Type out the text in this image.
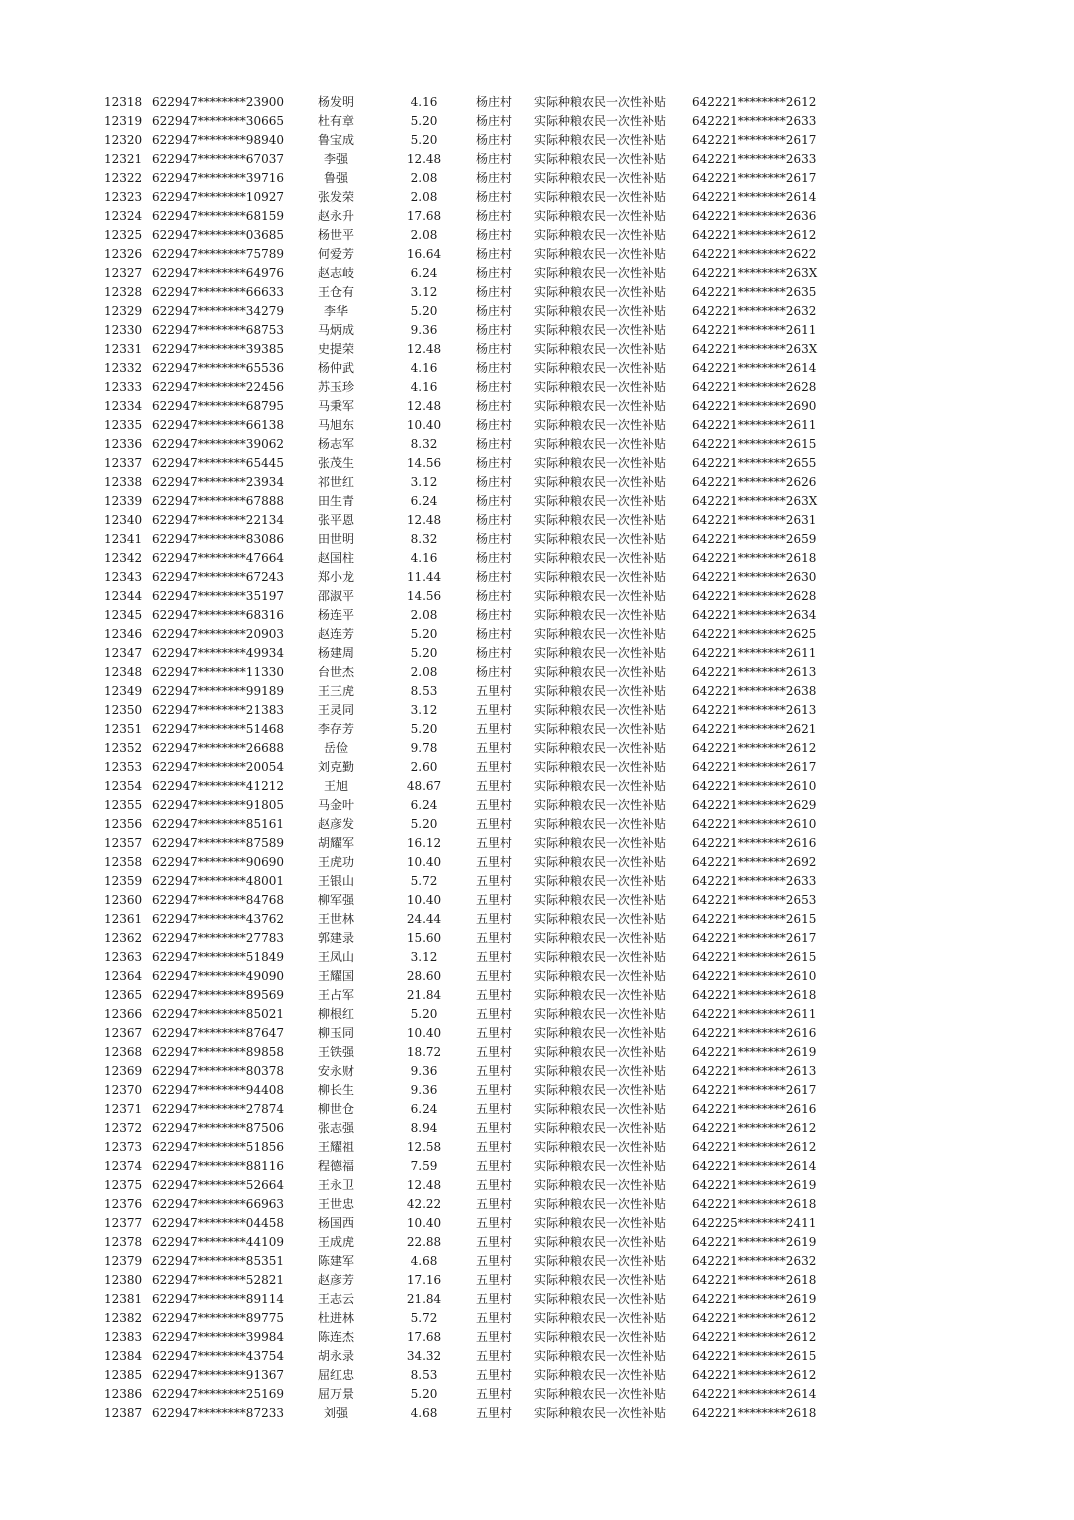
12318 622947********23900	杨发明	4.16	杨庄村	实际种粮农民一次性补贴	642221********2612
12319 622947********30665	杜有章	5.20	杨庄村	实际种粮农民一次性补贴	642221********2633
12320 622947********98940	鲁宝成	5.20	杨庄村	实际种粮农民一次性补贴	642221********2617
12321 622947********67037	李强	12.48	杨庄村	实际种粮农民一次性补贴	642221********2633
12322 622947********39716	鲁强	2.08	杨庄村	实际种粮农民一次性补贴	642221********2617
12323 622947********10927	张发荣	2.08	杨庄村	实际种粮农民一次性补贴	642221********2614
12324 622947********68159	赵永升	17.68	杨庄村	实际种粮农民一次性补贴	642221********2636
12325 622947********03685	杨世平	2.08	杨庄村	实际种粮农民一次性补贴	642221********2612
12326 622947********75789	何爱芳	16.64	杨庄村	实际种粮农民一次性补贴	642221********2622
12327 622947********64976	赵志岐	6.24	杨庄村	实际种粮农民一次性补贴	642221********263X
12328 622947********66633	王仓有	3.12	杨庄村	实际种粮农民一次性补贴	642221********2635
12329 622947********34279	李华	5.20	杨庄村	实际种粮农民一次性补贴	642221********2632
12330 622947********68753	马炳成	9.36	杨庄村	实际种粮农民一次性补贴	642221********2611
12331 622947********39385	史提荣	12.48	杨庄村	实际种粮农民一次性补贴	642221********263X
12332 622947********65536	杨仲武	4.16	杨庄村	实际种粮农民一次性补贴	642221********2614
12333 622947********22456	苏玉珍	4.16	杨庄村	实际种粮农民一次性补贴	642221********2628
12334 622947********68795	马秉军	12.48	杨庄村	实际种粮农民一次性补贴	642221********2690
12335 622947********66138	马旭东	10.40	杨庄村	实际种粮农民一次性补贴	642221********2611
12336 622947********39062	杨志军	8.32	杨庄村	实际种粮农民一次性补贴	642221********2615
12337 622947********65445	张茂生	14.56	杨庄村	实际种粮农民一次性补贴	642221********2655
12338 622947********23934	祁世红	3.12	杨庄村	实际种粮农民一次性补贴	642221********2626
12339 622947********67888	田生青	6.24	杨庄村	实际种粮农民一次性补贴	642221********263X
12340 622947********22134	张平恩	12.48	杨庄村	实际种粮农民一次性补贴	642221********2631
12341 622947********83086	田世明	8.32	杨庄村	实际种粮农民一次性补贴	642221********2659
12342 622947********47664	赵国柱	4.16	杨庄村	实际种粮农民一次性补贴	642221********2618
12343 622947********67243	郑小龙	11.44	杨庄村	实际种粮农民一次性补贴	642221********2630
12344 622947********35197	邵淑平	14.56	杨庄村	实际种粮农民一次性补贴	642221********2628
12345 622947********68316	杨连平	2.08	杨庄村	实际种粮农民一次性补贴	642221********2634
12346 622947********20903	赵连芳	5.20	杨庄村	实际种粮农民一次性补贴	642221********2625
12347 622947********49934	杨建周	5.20	杨庄村	实际种粮农民一次性补贴	642221********2611
12348 622947********11330	台世杰	2.08	杨庄村	实际种粮农民一次性补贴	642221********2613
12349 622947********99189	王三虎	8.53	五里村	实际种粮农民一次性补贴	642221********2638
12350 622947********21383	王灵同	3.12	五里村	实际种粮农民一次性补贴	642221********2613
12351 622947********51468	李存芳	5.20	五里村	实际种粮农民一次性补贴	642221********2621
12352 622947********26688	岳俭	9.78	五里村	实际种粮农民一次性补贴	642221********2612
12353 622947********20054	刘克勤	2.60	五里村	实际种粮农民一次性补贴	642221********2617
12354 622947********41212	王旭	48.67	五里村	实际种粮农民一次性补贴	642221********2610
12355 622947********91805	马金叶	6.24	五里村	实际种粮农民一次性补贴	642221********2629
12356 622947********85161	赵彦发	5.20	五里村	实际种粮农民一次性补贴	642221********2610
12357 622947********87589	胡耀军	16.12	五里村	实际种粮农民一次性补贴	642221********2616
12358 622947********90690	王虎功	10.40	五里村	实际种粮农民一次性补贴	642221********2692
12359 622947********48001	王银山	5.72	五里村	实际种粮农民一次性补贴	642221********2633
12360 622947********84768	柳军强	10.40	五里村	实际种粮农民一次性补贴	642221********2653
12361 622947********43762	王世林	24.44	五里村	实际种粮农民一次性补贴	642221********2615
12362 622947********27783	郭建录	15.60	五里村	实际种粮农民一次性补贴	642221********2617
12363 622947********51849	王凤山	3.12	五里村	实际种粮农民一次性补贴	642221********2615
12364 622947********49090	王耀国	28.60	五里村	实际种粮农民一次性补贴	642221********2610
12365 622947********89569	王占军	21.84	五里村	实际种粮农民一次性补贴	642221********2618
12366 622947********85021	柳根红	5.20	五里村	实际种粮农民一次性补贴	642221********2611
12367 622947********87647	柳玉同	10.40	五里村	实际种粮农民一次性补贴	642221********2616
12368 622947********89858	王铁强	18.72	五里村	实际种粮农民一次性补贴	642221********2619
12369 622947********80378	安永财	9.36	五里村	实际种粮农民一次性补贴	642221********2613
12370 622947********94408	柳长生	9.36	五里村	实际种粮农民一次性补贴	642221********2617
12371 622947********27874	柳世仓	6.24	五里村	实际种粮农民一次性补贴	642221********2616
12372 622947********87506	张志强	8.94	五里村	实际种粮农民一次性补贴	642221********2612
12373 622947********51856	王耀祖	12.58	五里村	实际种粮农民一次性补贴	642221********2612
12374 622947********88116	程德福	7.59	五里村	实际种粮农民一次性补贴	642221********2614
12375 622947********52664	王永卫	12.48	五里村	实际种粮农民一次性补贴	642221********2619
12376 622947********66963	王世忠	42.22	五里村	实际种粮农民一次性补贴	642221********2618
12377 622947********04458	杨国西	10.40	五里村	实际种粮农民一次性补贴	642225********2411
12378 622947********44109	王成虎	22.88	五里村	实际种粮农民一次性补贴	642221********2619
12379 622947********85351	陈建军	4.68	五里村	实际种粮农民一次性补贴	642221********2632
12380 622947********52821	赵彦芳	17.16	五里村	实际种粮农民一次性补贴	642221********2618
12381 622947********89114	王志云	21.84	五里村	实际种粮农民一次性补贴	642221********2619
12382 622947********89775	杜进林	5.72	五里村	实际种粮农民一次性补贴	642221********2612
12383 622947********39984	陈连杰	17.68	五里村	实际种粮农民一次性补贴	642221********2612
12384 622947********43754	胡永录	34.32	五里村	实际种粮农民一次性补贴	642221********2615
12385 622947********91367	屈红忠	8.53	五里村	实际种粮农民一次性补贴	642221********2612
12386 622947********25169	屈万景	5.20	五里村	实际种粮农民一次性补贴	642221********2614
12387 622947********87233	刘强	4.68	五里村	实际种粮农民一次性补贴	642221********2618
